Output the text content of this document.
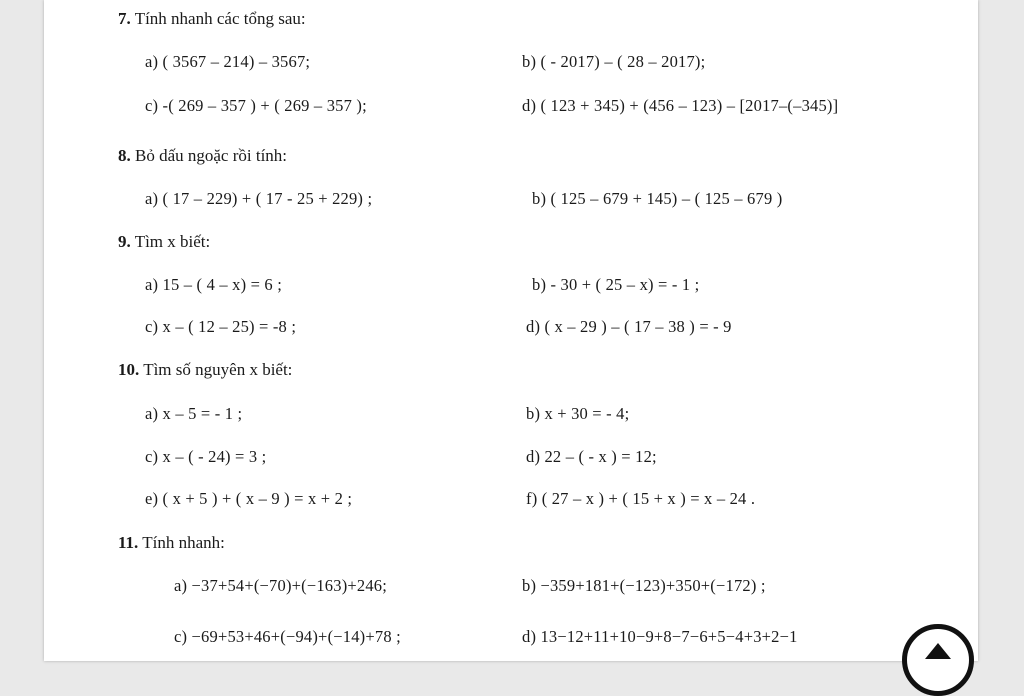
7. Tính nhanh các tổng sau:
a) ( 3567 – 214) – 3567;	b) ( - 2017) – ( 28 – 2017);
c) -( 269 – 357 ) + ( 269 – 357 );	d) ( 123 + 345) + (456 – 123) – [2017–(–345)]
8. Bỏ dấu ngoặc rồi tính:
a) ( 17 – 229) + ( 17 - 25 + 229) ;	b) ( 125 – 679 + 145) – ( 125 – 679 )
9. Tìm x biết:
a) 15 – ( 4 – x) = 6 ;	b) - 30 + ( 25 – x) = - 1 ;
c) x – ( 12 – 25) = -8 ;	d) ( x – 29 ) – ( 17 – 38 ) = - 9
10. Tìm số nguyên x biết:
a) x – 5 = - 1 ;	b) x + 30 = - 4;
c) x – ( - 24) = 3 ;	d) 22 – ( - x ) = 12;
e) ( x + 5 ) + ( x – 9 ) = x + 2 ;	f) ( 27 – x ) + ( 15 + x ) = x – 24 .
11. Tính nhanh:
a) −37+54+(−70)+(−163)+246;	b) −359+181+(−123)+350+(−172) ;
c) −69+53+46+(−94)+(−14)+78 ;	d) 13−12+11+10−9+8−7−6+5−4+3+2−1
